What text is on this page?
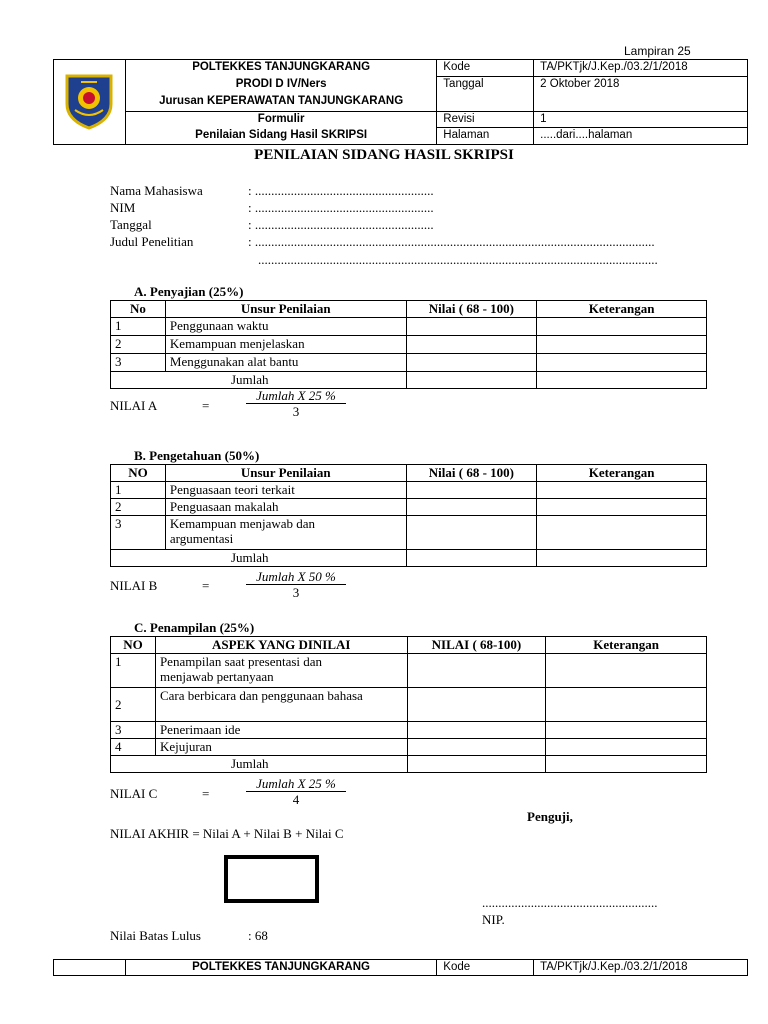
Lampiran 25
	POLTEKKES TANJUNGKARANG	Kode	TA/PKTjk/J.Kep./03.2/1/2018
	PRODI D IV/Ners	Tanggal	2 Oktober 2018
	Jurusan KEPERAWATAN TANJUNGKARANG		
	Formulir	Revisi	1
	Penilaian Sidang Hasil SKRIPSI	Halaman	.....dari....halaman
PENILAIAN SIDANG HASIL SKRIPSI
Nama Mahasiswa	: .......................................................
NIM	: .......................................................
Tanggal	: .......................................................
Judul Penelitian	: ...........................................................................................................................
...........................................................................................................................
A. Penyajian (25%)
No	Unsur Penilaian	Nilai ( 68 - 100)	Keterangan
1	Penggunaan waktu		
2	Kemampuan menjelaskan		
3	Menggunakan alat bantu		
Jumlah			
NILAI A	=
Jumlah X 25 %
3
B. Pengetahuan (50%)
NO	Unsur Penilaian	Nilai ( 68 - 100)	Keterangan
1	Penguasaan teori terkait		
2	Penguasaan makalah		
3	Kemampuan menjawab dan argumentasi		
Jumlah			
NILAI B	=
Jumlah X 50 %
3
C. Penampilan (25%)
NO	ASPEK YANG DINILAI	NILAI ( 68-100)	Keterangan
1	Penampilan saat presentasi dan menjawab pertanyaan		
2	Cara berbicara dan penggunaan bahasa		
3	Penerimaan ide		
4	Kejujuran		
Jumlah			
NILAI C	=
Jumlah X 25 %
4
Penguji,
NILAI AKHIR = Nilai A + Nilai B + Nilai C
......................................................
NIP.
Nilai Batas Lulus	: 68
	POLTEKKES TANJUNGKARANG	Kode	TA/PKTjk/J.Kep./03.2/1/2018
